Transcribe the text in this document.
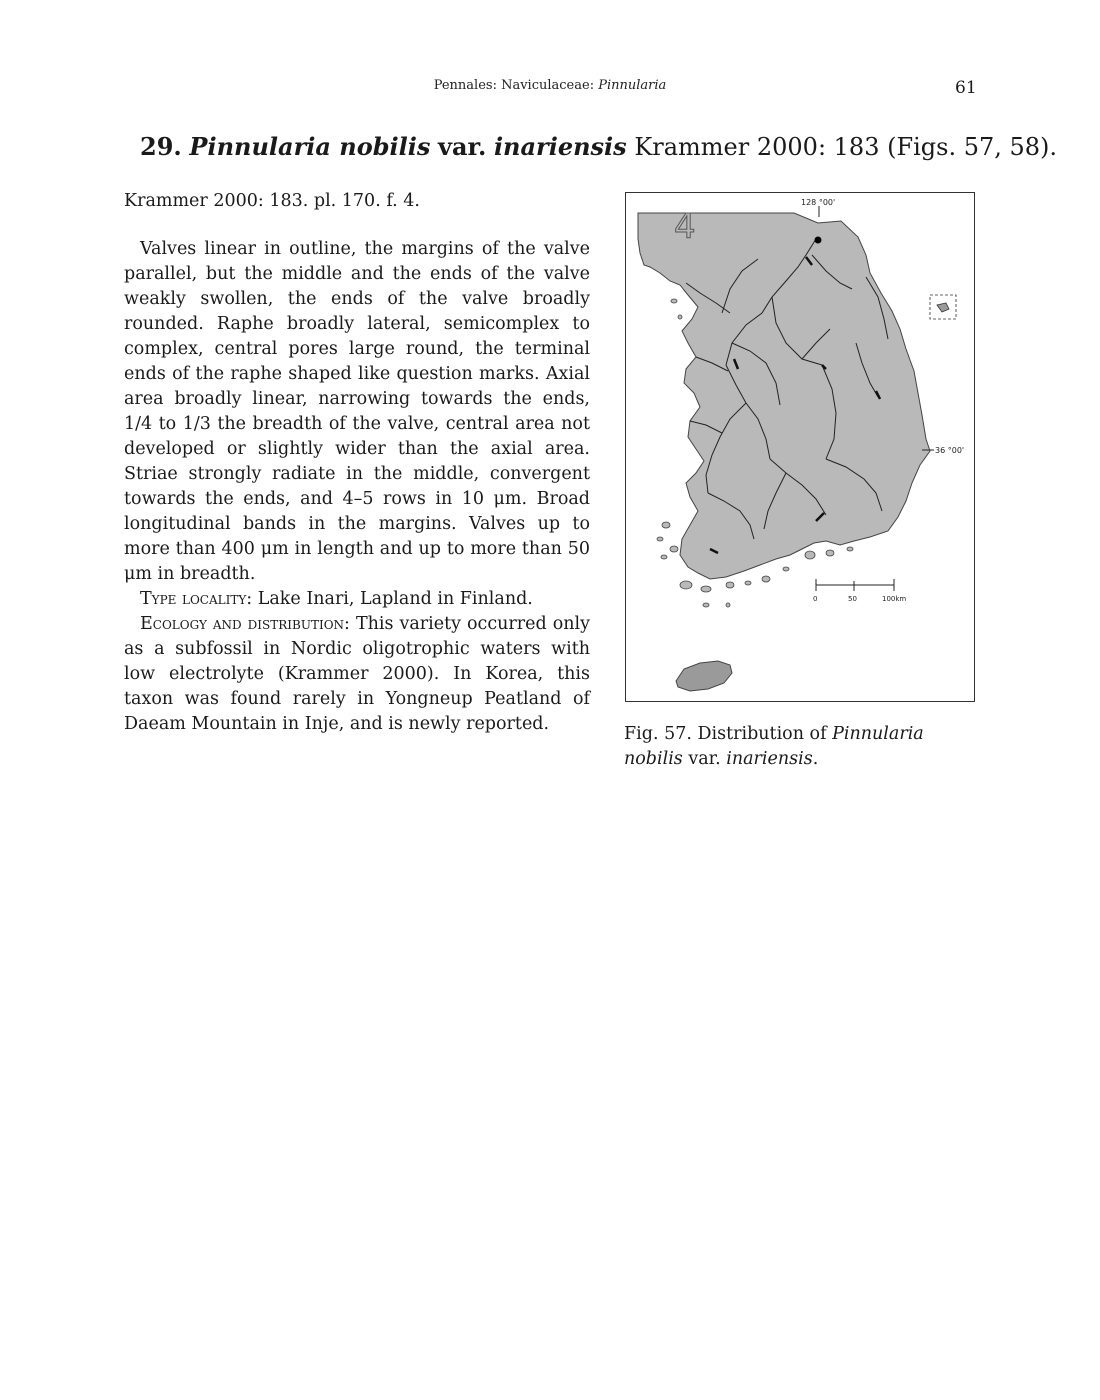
Pennales: Naviculaceae: Pinnularia	61
29. Pinnularia nobilis var. inariensis Krammer 2000: 183 (Figs. 57, 58).
Krammer 2000: 183. pl. 170. f. 4.

Valves linear in outline, the margins of the valve parallel, but the middle and the ends of the valve weakly swollen, the ends of the valve broadly rounded. Raphe broadly lateral, semicomplex to complex, central pores large round, the terminal ends of the raphe shaped like question marks. Axial area broadly linear, narrowing towards the ends, 1/4 to 1/3 the breadth of the valve, central area not developed or slightly wider than the axial area. Striae strongly radiate in the middle, convergent towards the ends, and 4–5 rows in 10 μm. Broad longitudinal bands in the margins. Valves up to more than 400 μm in length and up to more than 50 μm in breadth.

Type locality: Lake Inari, Lapland in Finland.

Ecology and distribution: This variety occurred only as a subfossil in Nordic oligotrophic waters with low electrolyte (Krammer 2000). In Korea, this taxon was found rarely in Yongneup Peatland of Daeam Mountain in Inje, and is newly reported.

4
128 °00'
36 °00'
0	50	100km
Fig. 57. Distribution of Pinnularia nobilis var. inariensis.
